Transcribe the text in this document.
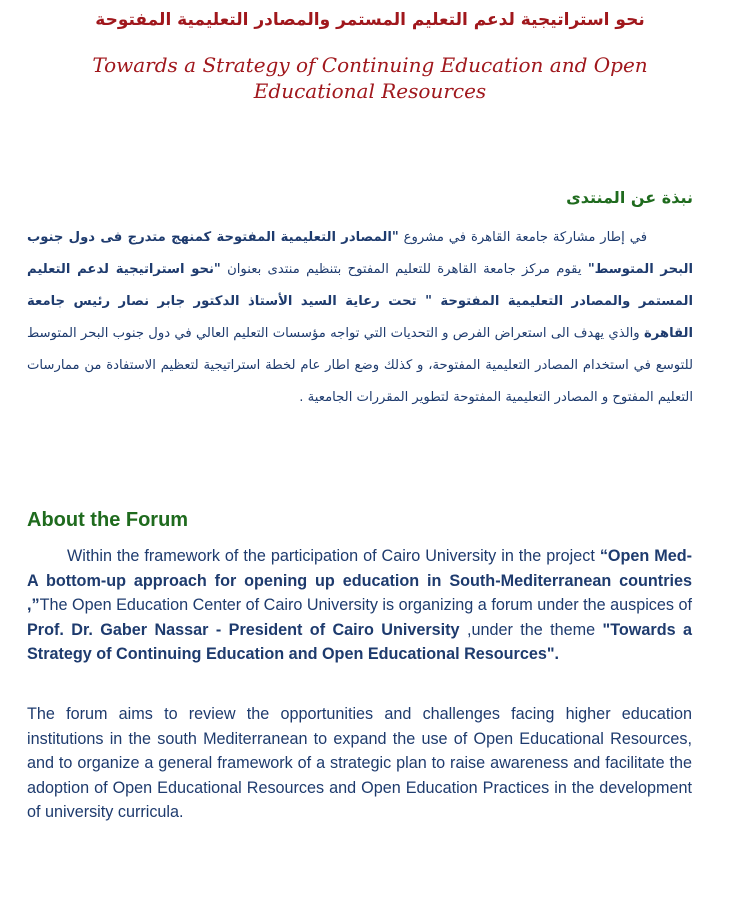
نحو استراتيجية لدعم التعليم المستمر والمصادر التعليمية المفتوحة
Towards a Strategy of Continuing Education and Open Educational Resources
نبذة عن المنتدى
في إطار مشاركة جامعة القاهرة في مشروع "المصادر التعليمية المفتوحة كمنهج متدرج فى دول جنوب البحر المتوسط" يقوم مركز جامعة القاهرة للتعليم المفتوح بتنظيم منتدى بعنوان "نحو استراتيجية لدعم التعليم المستمر والمصادر التعليمية المفتوحة " تحت رعاية السيد الأستاذ الدكتور جابر نصار رئيس جامعة القاهرة والذي يهدف الى استعراض الفرص و التحديات التي تواجه مؤسسات التعليم العالي في دول جنوب البحر المتوسط للتوسع في استخدام المصادر التعليمية المفتوحة، و كذلك وضع اطار عام لخطة استراتيجية لتعظيم الاستفادة من ممارسات التعليم المفتوح و المصادر التعليمية المفتوحة لتطوير المقررات الجامعية .
About the Forum

Within the framework of the participation of Cairo University in the project “Open Med- A bottom-up approach for opening up education in South-Mediterranean countries ,”The Open Education Center of Cairo University is organizing a forum under the auspices of Prof. Dr. Gaber Nassar - President of Cairo University ,under the theme "Towards a Strategy of Continuing Education and Open Educational Resources".

The forum aims to review the opportunities and challenges facing higher education institutions in the south Mediterranean to expand the use of Open Educational Resources, and to organize a general framework of a strategic plan to raise awareness and facilitate the adoption of Open Educational Resources and Open Education Practices in the development of university curricula.
